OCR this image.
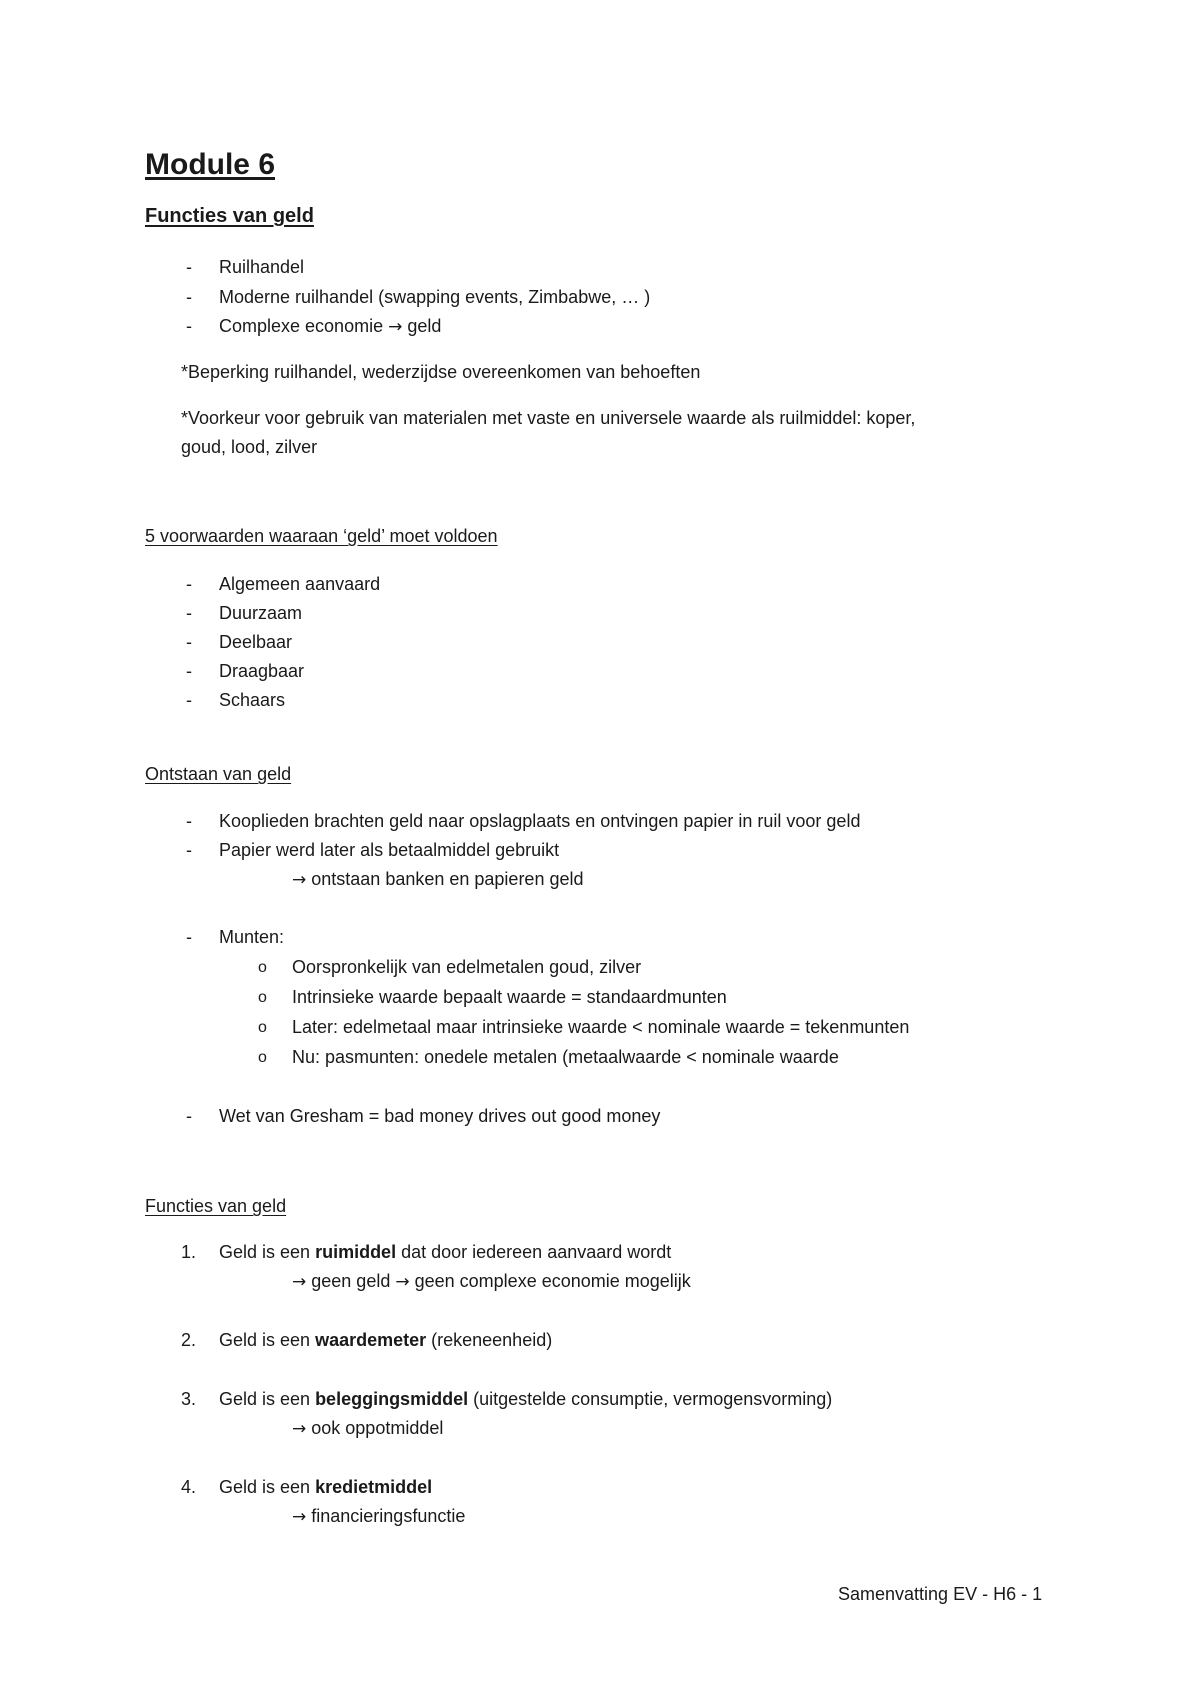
Module 6
Functies van geld
- Ruilhandel

- Moderne ruilhandel (swapping events, Zimbabwe, … )

- Complexe economie → geld

*Beperking ruilhandel, wederzijdse overeenkomen van behoeften

*Voorkeur voor gebruik van materialen met vaste en universele waarde als ruilmiddel: koper,

goud, lood, zilver

5 voorwaarden waaraan ‘geld’ moet voldoen
- Algemeen aanvaard

- Duurzaam

- Deelbaar

- Draagbaar

- Schaars

Ontstaan van geld
- Kooplieden brachten geld naar opslagplaats en ontvingen papier in ruil voor geld

- Papier werd later als betaalmiddel gebruikt

→ ontstaan banken en papieren geld

- Munten:

o Oorspronkelijk van edelmetalen goud, zilver

o Intrinsieke waarde bepaalt waarde = standaardmunten

o Later: edelmetaal maar intrinsieke waarde < nominale waarde = tekenmunten

o Nu: pasmunten: onedele metalen (metaalwaarde < nominale waarde

- Wet van Gresham = bad money drives out good money

Functies van geld
1. Geld is een ruimiddel dat door iedereen aanvaard wordt

→ geen geld → geen complexe economie mogelijk

2. Geld is een waardemeter (rekeneenheid)

3. Geld is een beleggingsmiddel (uitgestelde consumptie, vermogensvorming)

→ ook oppotmiddel

4. Geld is een kredietmiddel

→ financieringsfunctie

Samenvatting EV - H6 - 1
